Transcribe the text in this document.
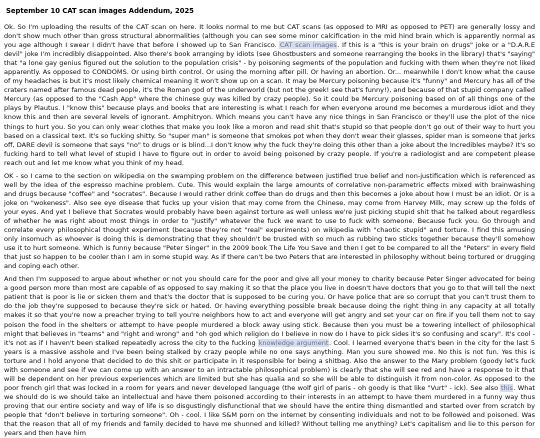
September 10 CAT scan images Addendum, 2025

Ok. So I'm uploading the results of the CAT scan on here. It looks normal to me but CAT scans (as opposed to MRI as opposed to PET) are generally lossy and don't show much other than gross structural abnormalities (although you can see some minor calcification in the mid hind brain which is apparently normal as you age although I swear I didn't have that before I showed up to San Francisco. CAT scan images. If this is a "this is your brain on drugs" joke or a "D.A.R.E devil" joke I'm incredibly disappointed. Also there's book arranging by idiots (see Ghostbusters and someone rearranging the books in the library) that's "saying" that "a lone gay genius figured out the solution to the population crisis" - by poisoning segments of the population and fucking with them when they're not liked apparently. As opposed to CONDOMS. Or using birth control. Or using the morning after pill. Or having an abortion. Or... meanwhile I don't know what the cause of my headaches is but it's most likely chemical meaning it won't show up on a scan. It may be Mercury poisoning because it's "funny" and Mercury has all of the craters named after famous dead people, it's the Roman god of the underworld (but not the greek! see that's funny!), and because of that stupid company called Mercury (as opposed to the "Cash App" where the chinese guy was killed by crazy people). So it could be Mercury poisoning based on of all things one of the plays by Plautus. I "know this" because plays and books that are interesting is what I reach for when everyone around me becomes a murderous idiot and they know this and then are several levels of ignorant. Amphitryon. Which means you can't have any nice things in San Francisco or they'll use the plot of the nice things to hurt you. So you can only wear clothes that make you look like a moron and read shit that's stupid so that people don't go out of their way to hurt you based on a classical text. It's so fucking shitty. So "super man" is someone that smokes pot when they don't wear their glasses, spider man is someone that jerks off, DARE devil is someone that says "no" to drugs or is blind...I don't know why the fuck they're doing this other than a joke about the Incredibles maybe? It's so fucking hard to tell what level of stupid I have to figure out in order to avoid being poisoned by crazy people. If you're a radiologist and are competent please reach out and let me know what you think of my head.

OK - so I came to the section on wikipedia on the swamping problem on the difference between justified true belief and non-justification which is referenced as well by the idea of the espresso machine problem. Cute. This would explain the large amounts of correlative non-parametric effects mixed with brainwashing and drugs because "coffee" and "socrates". Because I would rather drink coffee than do drugs and then this becomes a joke about how I must be an idiot. Or is a joke on "wokeness". Also see eye disease that fucks up your vision that may come from the Chinese, may come from Harvey Milk, may screw up the folds of your eyes. And yet I believe that Socrates would probably have been against torture as well unless we're just picking stupid shit that he talked about regardless of whether he was right about most things in order to "justify" whatever the fuck we want to use to fuck with someone. Because fuck you. Go through and correlate every philosophical thought experiment (because they're not "real" experiments) on wikipedia with "chaotic stupid" and torture. I find this amusing only insomuch as whoever is doing this is demonstrating that they shouldn't be trusted with so much as rubbing two sticks together because they'll somehow use it to hurt someone. Which is funny because "Peter Singer" in the 2009 book The Life You Save and then I get to be compared to all the "Peters" in every field that just so happen to be cooler than I am in some stupid way. As if there can't be two Peters that are interested in philosophy without being tortured or drugging and coping each other.

And then I'm supposed to argue about whether or not you should care for the poor and give all your money to charity because Peter Singer advocated for being a good person more than most are capable of as opposed to say making it so that the place you live in doesn't have doctors that you go to that will tell the next patient that is poor is lie or sicken them and that's the doctor that is supposed to be curing you. Or have police that are so corrupt that you can't trust them to do the job they're supposed to because they're sick or hated. Or having everything possible break because doing the right thing in any capacity at all totally makes it so that you're now a preacher trying to tell you're neighbors how to act and everyone will get angry and set your car on fire if you tell them not to say poison the food in the shelters or attempt to have people murdered a block away using stick. Because then you must be a towering intellect of philosophical might that believes in "teams" and "right and wrong" and "oh god which religion do I believe in now do I have to pick sides it's so confusing and scary". It's cool - it's not as if I haven't been stalked repeatedly across the city to the fucking knowledge argument. Cool. I learned everyone that's been in the city for the last 5 years is a massive asshole and I've been being stalked by crazy people while no one says anything. Man you sure showed me. No this is not fun. Yes this is torture and I hold anyone that decided to do this shit or participate in it responsible for being a shitbag. Also the answer to the Mary problem (goody let's fuck with someone and see if we can come up with an answer to an intractable philosophical problem) is clearly that she will see red and have a response to it that will be dependent on her previous experiences which are limited but she has qualia and so she will be able to distinguish it from non-color. As opposed to the poor french girl that was locked in a room for years and never developed language (the wolf girl of paris - oh goody is that like "Vurt" - ick). See also this. What we should do is we should take an intellectual and have them poisoned according to their interests in an attempt to have them murdered in a funny way thus proving that our entire society and way of life is so disgustingly disfunctional that we should have the entire thing dismantled and started over from scratch by people that "don't believe in torturing someone". Oh - cool. I like S&M porn on the internet by consenting individuals and not to be followed and poisoned. Was that the reason that all of my friends and family decided to have me shunned and killed? Without telling me anything? Let's capitalism and lie to this person for years and then have him
